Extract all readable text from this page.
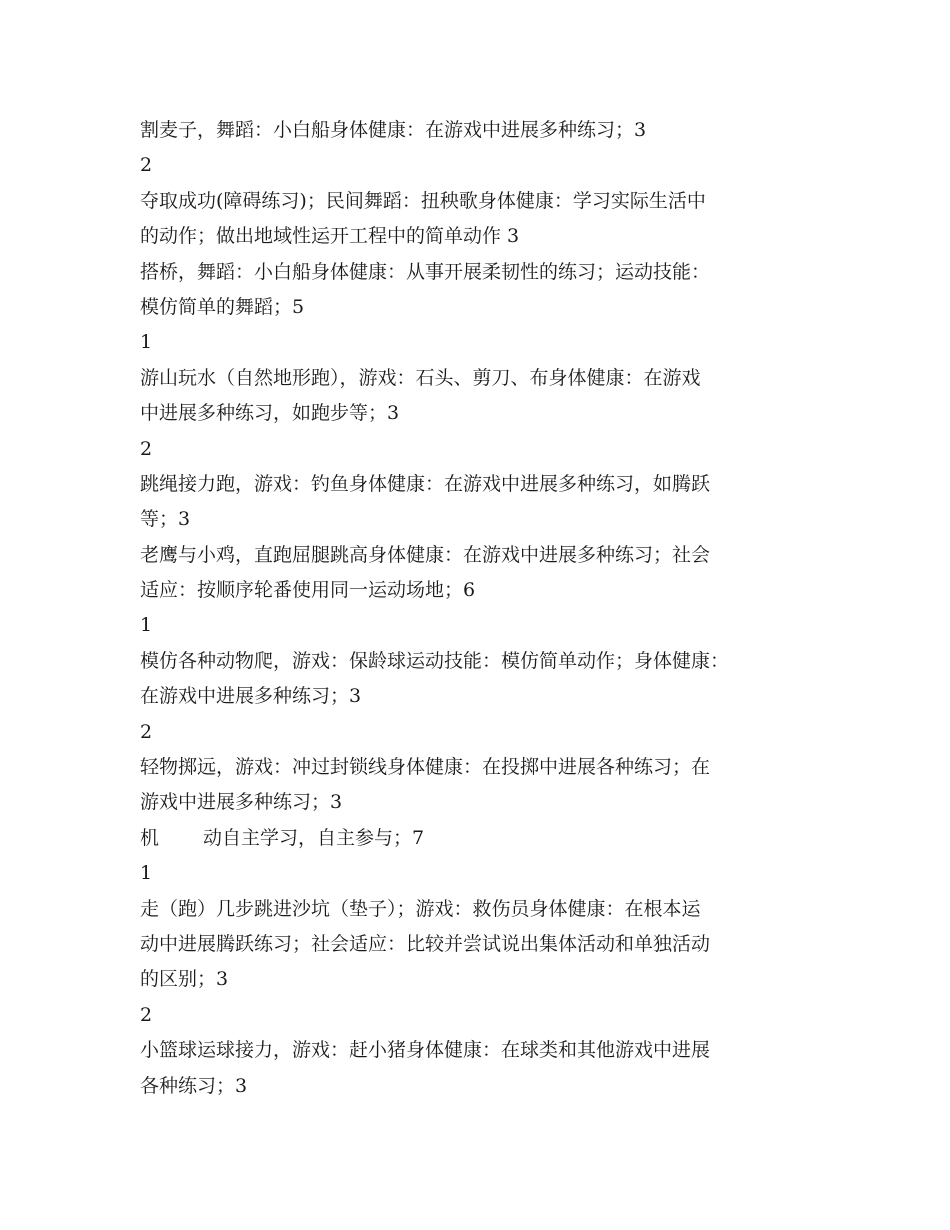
割麦子，舞蹈：小白船身体健康：在游戏中进展多种练习；3
2
夺取成功(障碍练习)；民间舞蹈：扭秧歌身体健康：学习实际生活中
的动作；做出地域性运开工程中的简单动作 3
搭桥，舞蹈：小白船身体健康：从事开展柔韧性的练习；运动技能：
模仿简单的舞蹈；5
1
游山玩水（自然地形跑），游戏：石头、剪刀、布身体健康：在游戏
中进展多种练习，如跑步等；3
2
跳绳接力跑，游戏：钓鱼身体健康：在游戏中进展多种练习，如腾跃
等；3
老鹰与小鸡，直跑屈腿跳高身体健康：在游戏中进展多种练习；社会
适应：按顺序轮番使用同一运动场地；6
1
模仿各种动物爬，游戏：保龄球运动技能：模仿简单动作；身体健康：
在游戏中进展多种练习；3
2
轻物掷远，游戏：冲过封锁线身体健康：在投掷中进展各种练习；在
游戏中进展多种练习；3
机 动自主学习，自主参与；7
1
走（跑）几步跳进沙坑（垫子）；游戏：救伤员身体健康：在根本运
动中进展腾跃练习；社会适应：比较并尝试说出集体活动和单独活动
的区别；3
2
小篮球运球接力，游戏：赶小猪身体健康：在球类和其他游戏中进展
各种练习；3
